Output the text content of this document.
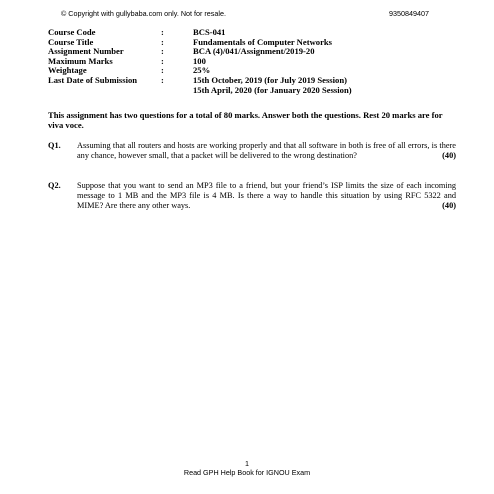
© Copyright with gullybaba.com only. Not for resale.	9350849407
Course Code	:	BCS-041
Course Title	:	Fundamentals of Computer Networks
Assignment Number	:	BCA (4)/041/Assignment/2019-20
Maximum Marks	:	100
Weightage	:	25%
Last Date of Submission	:	15th October, 2019 (for July 2019 Session)
15th April, 2020 (for January 2020 Session)
This assignment has two questions for a total of 80 marks. Answer both the questions. Rest 20 marks are for viva voce.
Q1. Assuming that all routers and hosts are working properly and that all software in both is free of all errors, is there any chance, however small, that a packet will be delivered to the wrong destination?	(40)
Q2. Suppose that you want to send an MP3 file to a friend, but your friend’s ISP limits the size of each incoming message to 1 MB and the MP3 file is 4 MB. Is there a way to handle this situation by using RFC 5322 and MIME? Are there any other ways.	(40)
1
Read GPH Help Book for IGNOU Exam
